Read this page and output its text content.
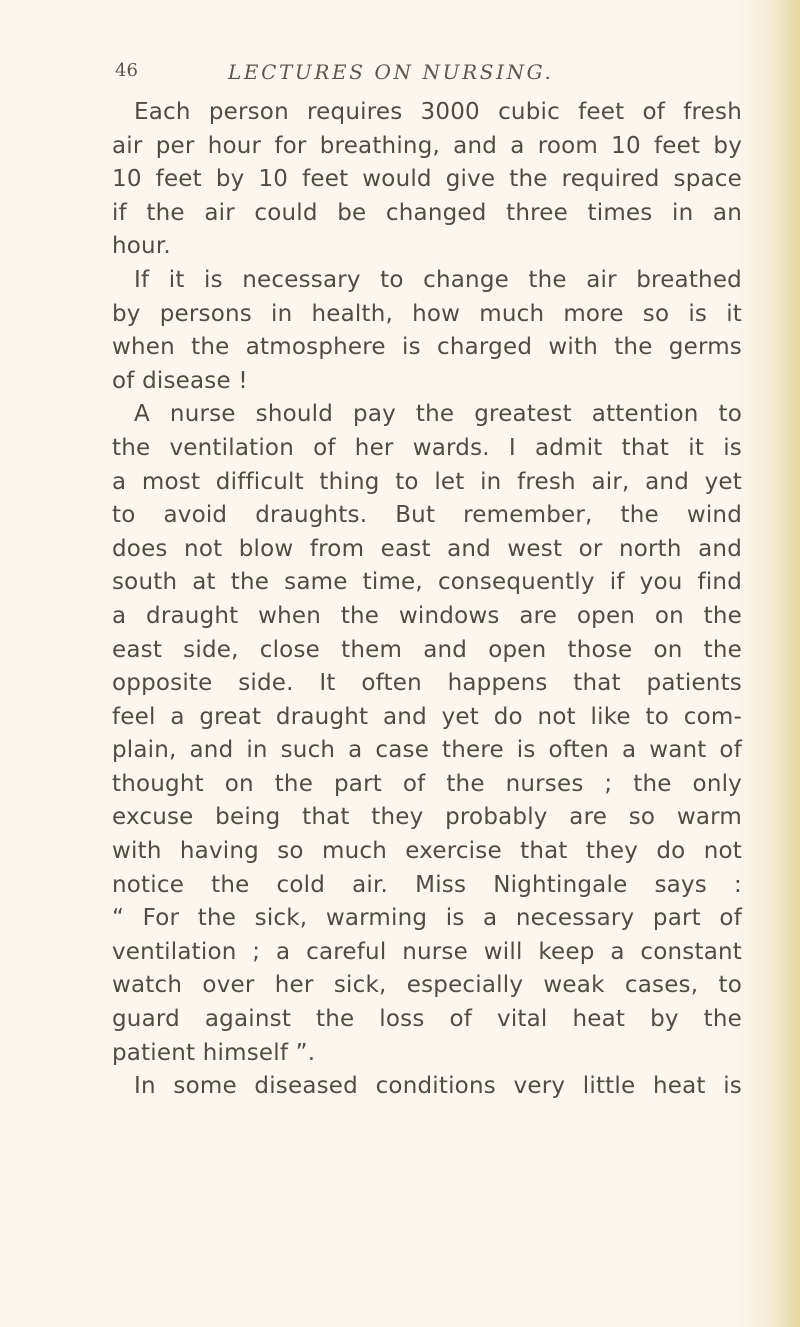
46	LECTURES ON NURSING.
Each person requires 3000 cubic feet of fresh
air per hour for breathing, and a room 10 feet by
10 feet by 10 feet would give the required space
if the air could be changed three times in an
hour.
If it is necessary to change the air breathed
by persons in health, how much more so is it
when the atmosphere is charged with the germs
of disease !
A nurse should pay the greatest attention to
the ventilation of her wards. I admit that it is
a most difficult thing to let in fresh air, and yet
to avoid draughts. But remember, the wind
does not blow from east and west or north and
south at the same time, consequently if you find
a draught when the windows are open on the
east side, close them and open those on the
opposite side. It often happens that patients
feel a great draught and yet do not like to com-
plain, and in such a case there is often a want of
thought on the part of the nurses ; the only
excuse being that they probably are so warm
with having so much exercise that they do not
notice the cold air. Miss Nightingale says :
“ For the sick, warming is a necessary part of
ventilation ; a careful nurse will keep a constant
watch over her sick, especially weak cases, to
guard against the loss of vital heat by the
patient himself ”.
In some diseased conditions very little heat is
